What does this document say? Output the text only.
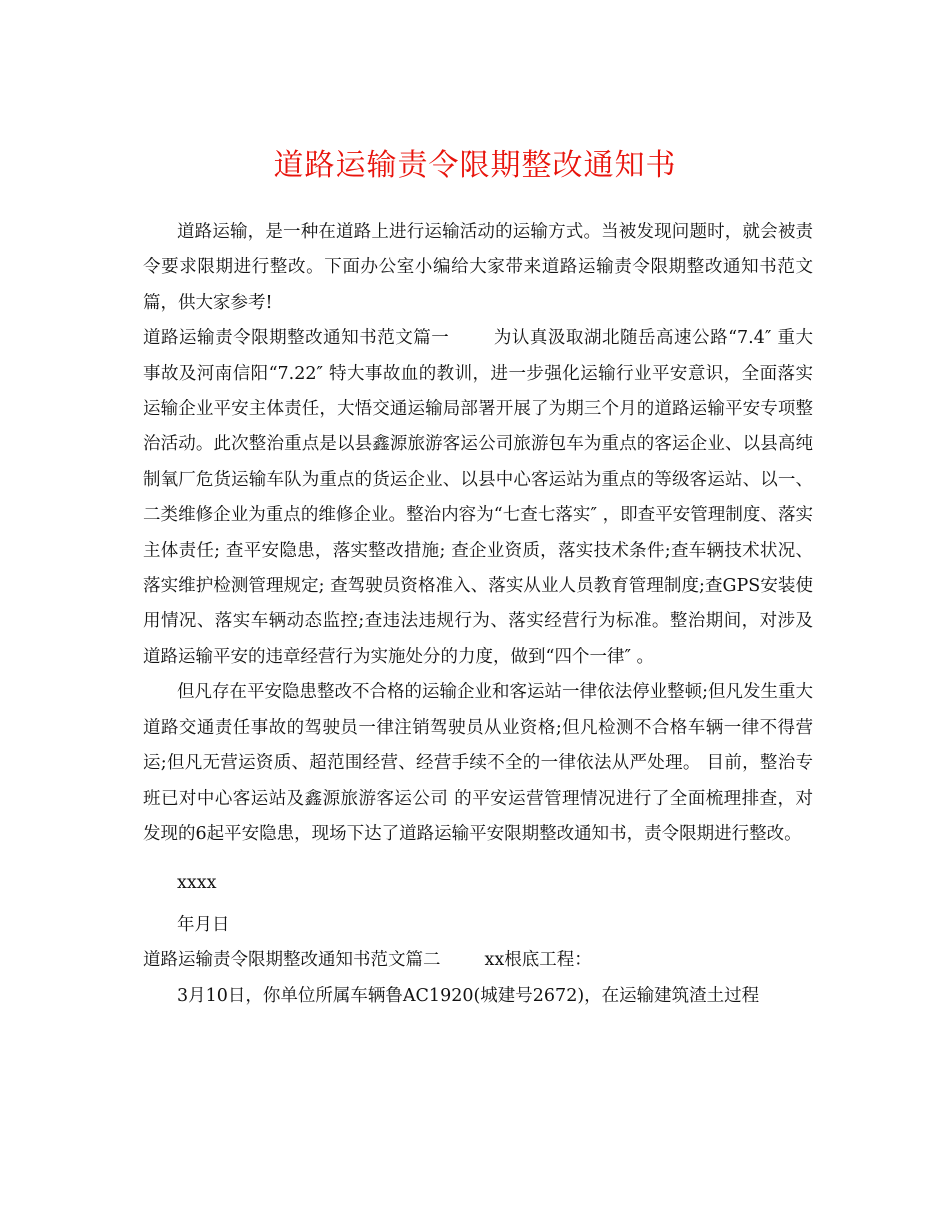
道路运输责令限期整改通知书

道路运输，是一种在道路上进行运输活动的运输方式。当被发现问题时，就会被责令要求限期进行整改。下面办公室小编给大家带来道路运输责令限期整改通知书范文篇，供大家参考!

道路运输责令限期整改通知书范文篇一	为认真汲取湖北随岳高速公路“7.4″ 重大事故及河南信阳“7.22″ 特大事故血的教训，进一步强化运输行业平安意识，全面落实运输企业平安主体责任，大悟交通运输局部署开展了为期三个月的道路运输平安专项整治活动。此次整治重点是以县鑫源旅游客运公司旅游包车为重点的客运企业、以县高纯制氧厂危货运输车队为重点的货运企业、以县中心客运站为重点的等级客运站、以一、二类维修企业为重点的维修企业。整治内容为“七查七落实″ ，即查平安管理制度、落实主体责任; 查平安隐患，落实整改措施; 查企业资质，落实技术条件;查车辆技术状况、落实维护检测管理规定; 查驾驶员资格准入、落实从业人员教育管理制度;查GPS安装使用情况、落实车辆动态监控;查违法违规行为、落实经营行为标准。整治期间，对涉及道路运输平安的违章经营行为实施处分的力度，做到“四个一律″ 。

但凡存在平安隐患整改不合格的运输企业和客运站一律依法停业整顿;但凡发生重大道路交通责任事故的驾驶员一律注销驾驶员从业资格;但凡检测不合格车辆一律不得营运;但凡无营运资质、超范围经营、经营手续不全的一律依法从严处理。 目前，整治专班已对中心客运站及鑫源旅游客运公司 的平安运营管理情况进行了全面梳理排查，对发现的6起平安隐患，现场下达了道路运输平安限期整改通知书，责令限期进行整改。

xxxx

年月日

道路运输责令限期整改通知书范文篇二	xx根底工程：

3月10日，你单位所属车辆鲁AC1920(城建号2672)，在运输建筑渣土过程
